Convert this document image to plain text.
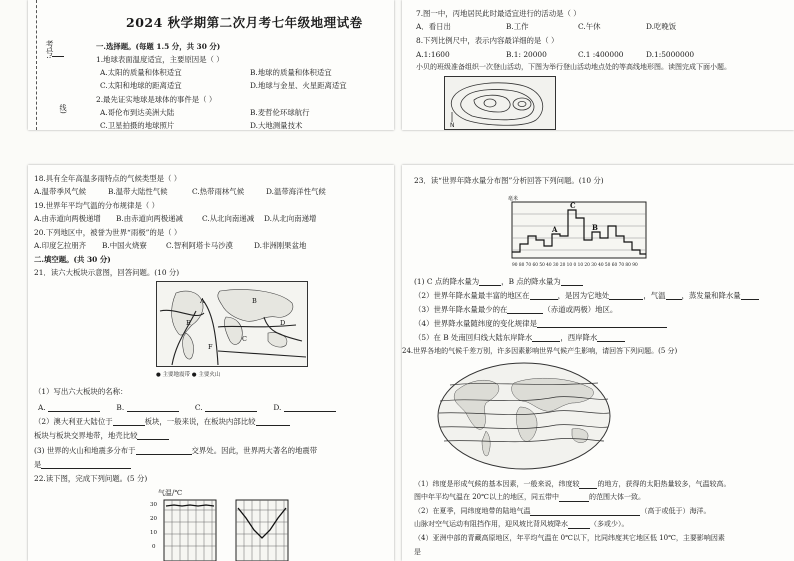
考号:
线)
2024 秋学期第二次月考七年级地理试卷
一.选择题。(每题 1.5 分，共 30 分)
1.地球表面温度适宜，主要原因是（ ）
A.太阳的质量和体积适宜	B.地球的质量和体积适宜
C.太阳和地球的距离适宜	D.地球与金星、火星距离适宜
2.最先证实地球是球体的事件是（ ）
A.哥伦布到达美洲大陆	B.麦哲伦环球航行
C.卫星拍摄的地球照片	D.大地测量技术
7.图一中，丙地居民此时最适宜进行的活动是（ ）
A．看日出	B.工作	C.午休	D.吃晚饭
8.下列比例尺中，表示内容最详细的是（ ）
A.1:1600	B.1: 20000	C.1 :400000	D.1:5000000
小贝的班级准备组织一次登山活动，下图为举行登山活动地点处的等高线地形图。读图完成下面小题。
N
18.具有全年高温多雨特点的气候类型是（ ）
A.温带季风气候	B.温带大陆性气候	C.热带雨林气候	D.温带海洋性气候
19.世界年平均气温的分布规律是（ ）
A.由赤道向两极递增 B.由赤道向两极递减	C.从北向南递减 D.从北向南递增
20.下列地区中，被誉为世界“雨极”的是（ ）
A.印度乞拉朋齐 B.中国火烧寮	C.智利阿塔卡马沙漠	D.非洲刚果盆地
二.填空题。(共 30 分)
21．读六大板块示意图，回答问题。(10 分)
A	B
C
D
E
F
● 主要地震带 ● 主要火山
（1）写出六大板块的名称：
A.	B.	C.	D.
（2）澳大利亚大陆位于	板块，一般来说，在板块内部比较
板块与板块交界地带，地壳比较
(3) 世界的火山和地震多分布于	交界处。因此，世界两大著名的地震带
是
22.读下图，完成下列问题。(5 分)
气温/℃
30
20
10
0
23．读“世界年降水量分布图”分析回答下列问题。(10 分)
毫米
C
A	B
90 80 70 60 50 40 30 20 10 0 10 20 30 40 50 60 70 80 90
(1) C 点的降水量为	，B 点的降水量为
（2）世界年降水量最丰富的地区在	，是因为它地处	，气温 ，蒸发量和降水量
（3）世界年降水量最少的在	（赤道或两极）地区。
（4）世界降水量随纬度的变化规律是
（5）在 B 处南回归线大陆东岸降水	，西岸降水
24.世界各地的气候千差万别，许多因素影响世界气候产生影响，请回答下列问题。(5 分)
（1）纬度是形成气候的基本因素，一般来说，纬度较	的地方，获得的太阳热量较多，气温较高。
图中年平均气温在 20℃以上的地区，同五带中	的范围大体一致。
（2）在夏季，同纬度地带的陆地气温	（高于或低于）海洋。
山脉对空气运动有阻挡作用，迎风坡比背风坡降水	（多或少）。
（4）亚洲中部的青藏高原地区，年平均气温在 0℃以下，比同纬度其它地区低 10℃，主要影响因素
是
